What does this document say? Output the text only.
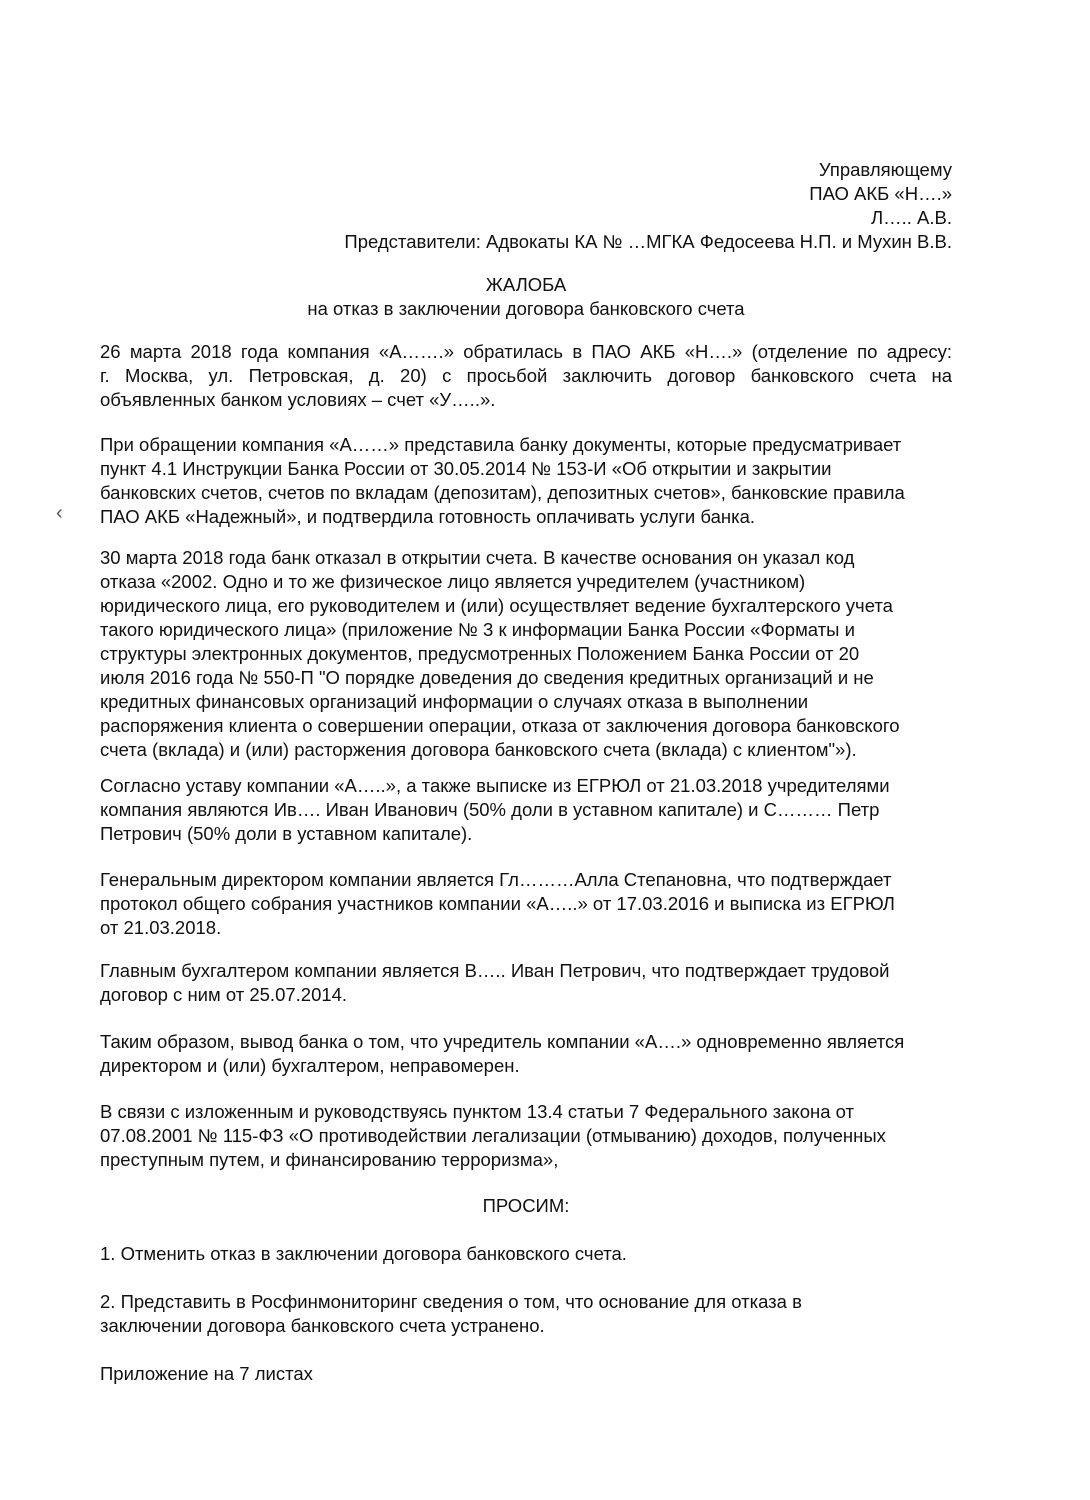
Управляющему
ПАО АКБ «Н….»
Л….. А.В.
Представители: Адвокаты КА № …МГКА Федосеева Н.П. и Мухин В.В.
ЖАЛОБА
на отказ в заключении договора банковского счета
26 марта 2018 года компания «А…….» обратилась в ПАО АКБ «Н….» (отделение по адресу:
г. Москва, ул. Петровская, д. 20) с просьбой заключить договор банковского счета на
объявленных банком условиях – счет «У…..».
При обращении компания «А……» представила банку документы, которые предусматривает
пункт 4.1 Инструкции Банка России от 30.05.2014 № 153-И «Об открытии и закрытии
банковских счетов, счетов по вкладам (депозитам), депозитных счетов», банковские правила
ПАО АКБ «Надежный», и подтвердила готовность оплачивать услуги банка.
30 марта 2018 года банк отказал в открытии счета. В качестве основания он указал код
отказа «2002. Одно и то же физическое лицо является учредителем (участником)
юридического лица, его руководителем и (или) осуществляет ведение бухгалтерского учета
такого юридического лица» (приложение № 3 к информации Банка России «Форматы и
структуры электронных документов, предусмотренных Положением Банка России от 20
июля 2016 года № 550-П "О порядке доведения до сведения кредитных организаций и не
кредитных финансовых организаций информации о случаях отказа в выполнении
распоряжения клиента о совершении операции, отказа от заключения договора банковского
счета (вклада) и (или) расторжения договора банковского счета (вклада) с клиентом"»).
Согласно уставу компании «А…..», а также выписке из ЕГРЮЛ от 21.03.2018 учредителями
компания являются Ив…. Иван Иванович (50% доли в уставном капитале) и С……… Петр
Петрович (50% доли в уставном капитале).
Генеральным директором компании является Гл………Алла Степановна, что подтверждает
протокол общего собрания участников компании «А…..» от 17.03.2016 и выписка из ЕГРЮЛ
от 21.03.2018.
Главным бухгалтером компании является В….. Иван Петрович, что подтверждает трудовой
договор с ним от 25.07.2014.
Таким образом, вывод банка о том, что учредитель компании «А….» одновременно является
директором и (или) бухгалтером, неправомерен.
В связи с изложенным и руководствуясь пунктом 13.4 статьи 7 Федерального закона от
07.08.2001 № 115-ФЗ «О противодействии легализации (отмыванию) доходов, полученных
преступным путем, и финансированию терроризма»,
ПРОСИМ:
1. Отменить отказ в заключении договора банковского счета.
2. Представить в Росфинмониторинг сведения о том, что основание для отказа в
заключении договора банковского счета устранено.
Приложение на 7 листах
‹
